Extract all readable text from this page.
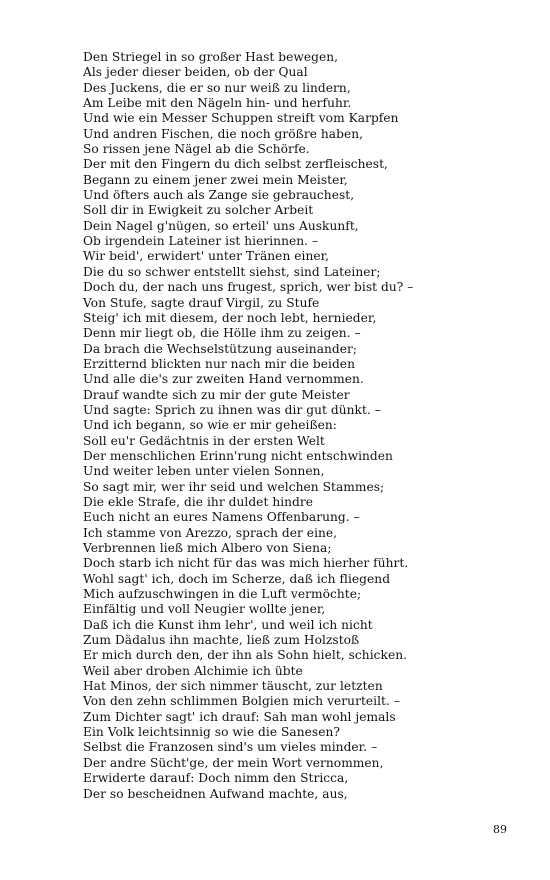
Den Striegel in so großer Hast bewegen,
Als jeder dieser beiden, ob der Qual
Des Juckens, die er so nur weiß zu lindern,
Am Leibe mit den Nägeln hin- und herfuhr.
Und wie ein Messer Schuppen streift vom Karpfen
Und andren Fischen, die noch größre haben,
So rissen jene Nägel ab die Schörfe.
Der mit den Fingern du dich selbst zerfleischest,
Begann zu einem jener zwei mein Meister,
Und öfters auch als Zange sie gebrauchest,
Soll dir in Ewigkeit zu solcher Arbeit
Dein Nagel g'nügen, so erteil' uns Auskunft,
Ob irgendein Lateiner ist hierinnen. –
Wir beid', erwidert' unter Tränen einer,
Die du so schwer entstellt siehst, sind Lateiner;
Doch du, der nach uns frugest, sprich, wer bist du? –
Von Stufe, sagte drauf Virgil, zu Stufe
Steig' ich mit diesem, der noch lebt, hernieder,
Denn mir liegt ob, die Hölle ihm zu zeigen. –
Da brach die Wechselstützung auseinander;
Erzitternd blickten nur nach mir die beiden
Und alle die's zur zweiten Hand vernommen.
Drauf wandte sich zu mir der gute Meister
Und sagte: Sprich zu ihnen was dir gut dünkt. –
Und ich begann, so wie er mir geheißen:
Soll eu'r Gedächtnis in der ersten Welt
Der menschlichen Erinn'rung nicht entschwinden
Und weiter leben unter vielen Sonnen,
So sagt mir, wer ihr seid und welchen Stammes;
Die ekle Strafe, die ihr duldet hindre
Euch nicht an eures Namens Offenbarung. –
Ich stamme von Arezzo, sprach der eine,
Verbrennen ließ mich Albero von Siena;
Doch starb ich nicht für das was mich hierher führt.
Wohl sagt' ich, doch im Scherze, daß ich fliegend
Mich aufzuschwingen in die Luft vermöchte;
Einfältig und voll Neugier wollte jener,
Daß ich die Kunst ihm lehr', und weil ich nicht
Zum Dädalus ihn machte, ließ zum Holzstoß
Er mich durch den, der ihn als Sohn hielt, schicken.
Weil aber droben Alchimie ich übte
Hat Minos, der sich nimmer täuscht, zur letzten
Von den zehn schlimmen Bolgien mich verurteilt. –
Zum Dichter sagt' ich drauf: Sah man wohl jemals
Ein Volk leichtsinnig so wie die Sanesen?
Selbst die Franzosen sind's um vieles minder. –
Der andre Sücht'ge, der mein Wort vernommen,
Erwiderte darauf: Doch nimm den Stricca,
Der so bescheidnen Aufwand machte, aus,
89
